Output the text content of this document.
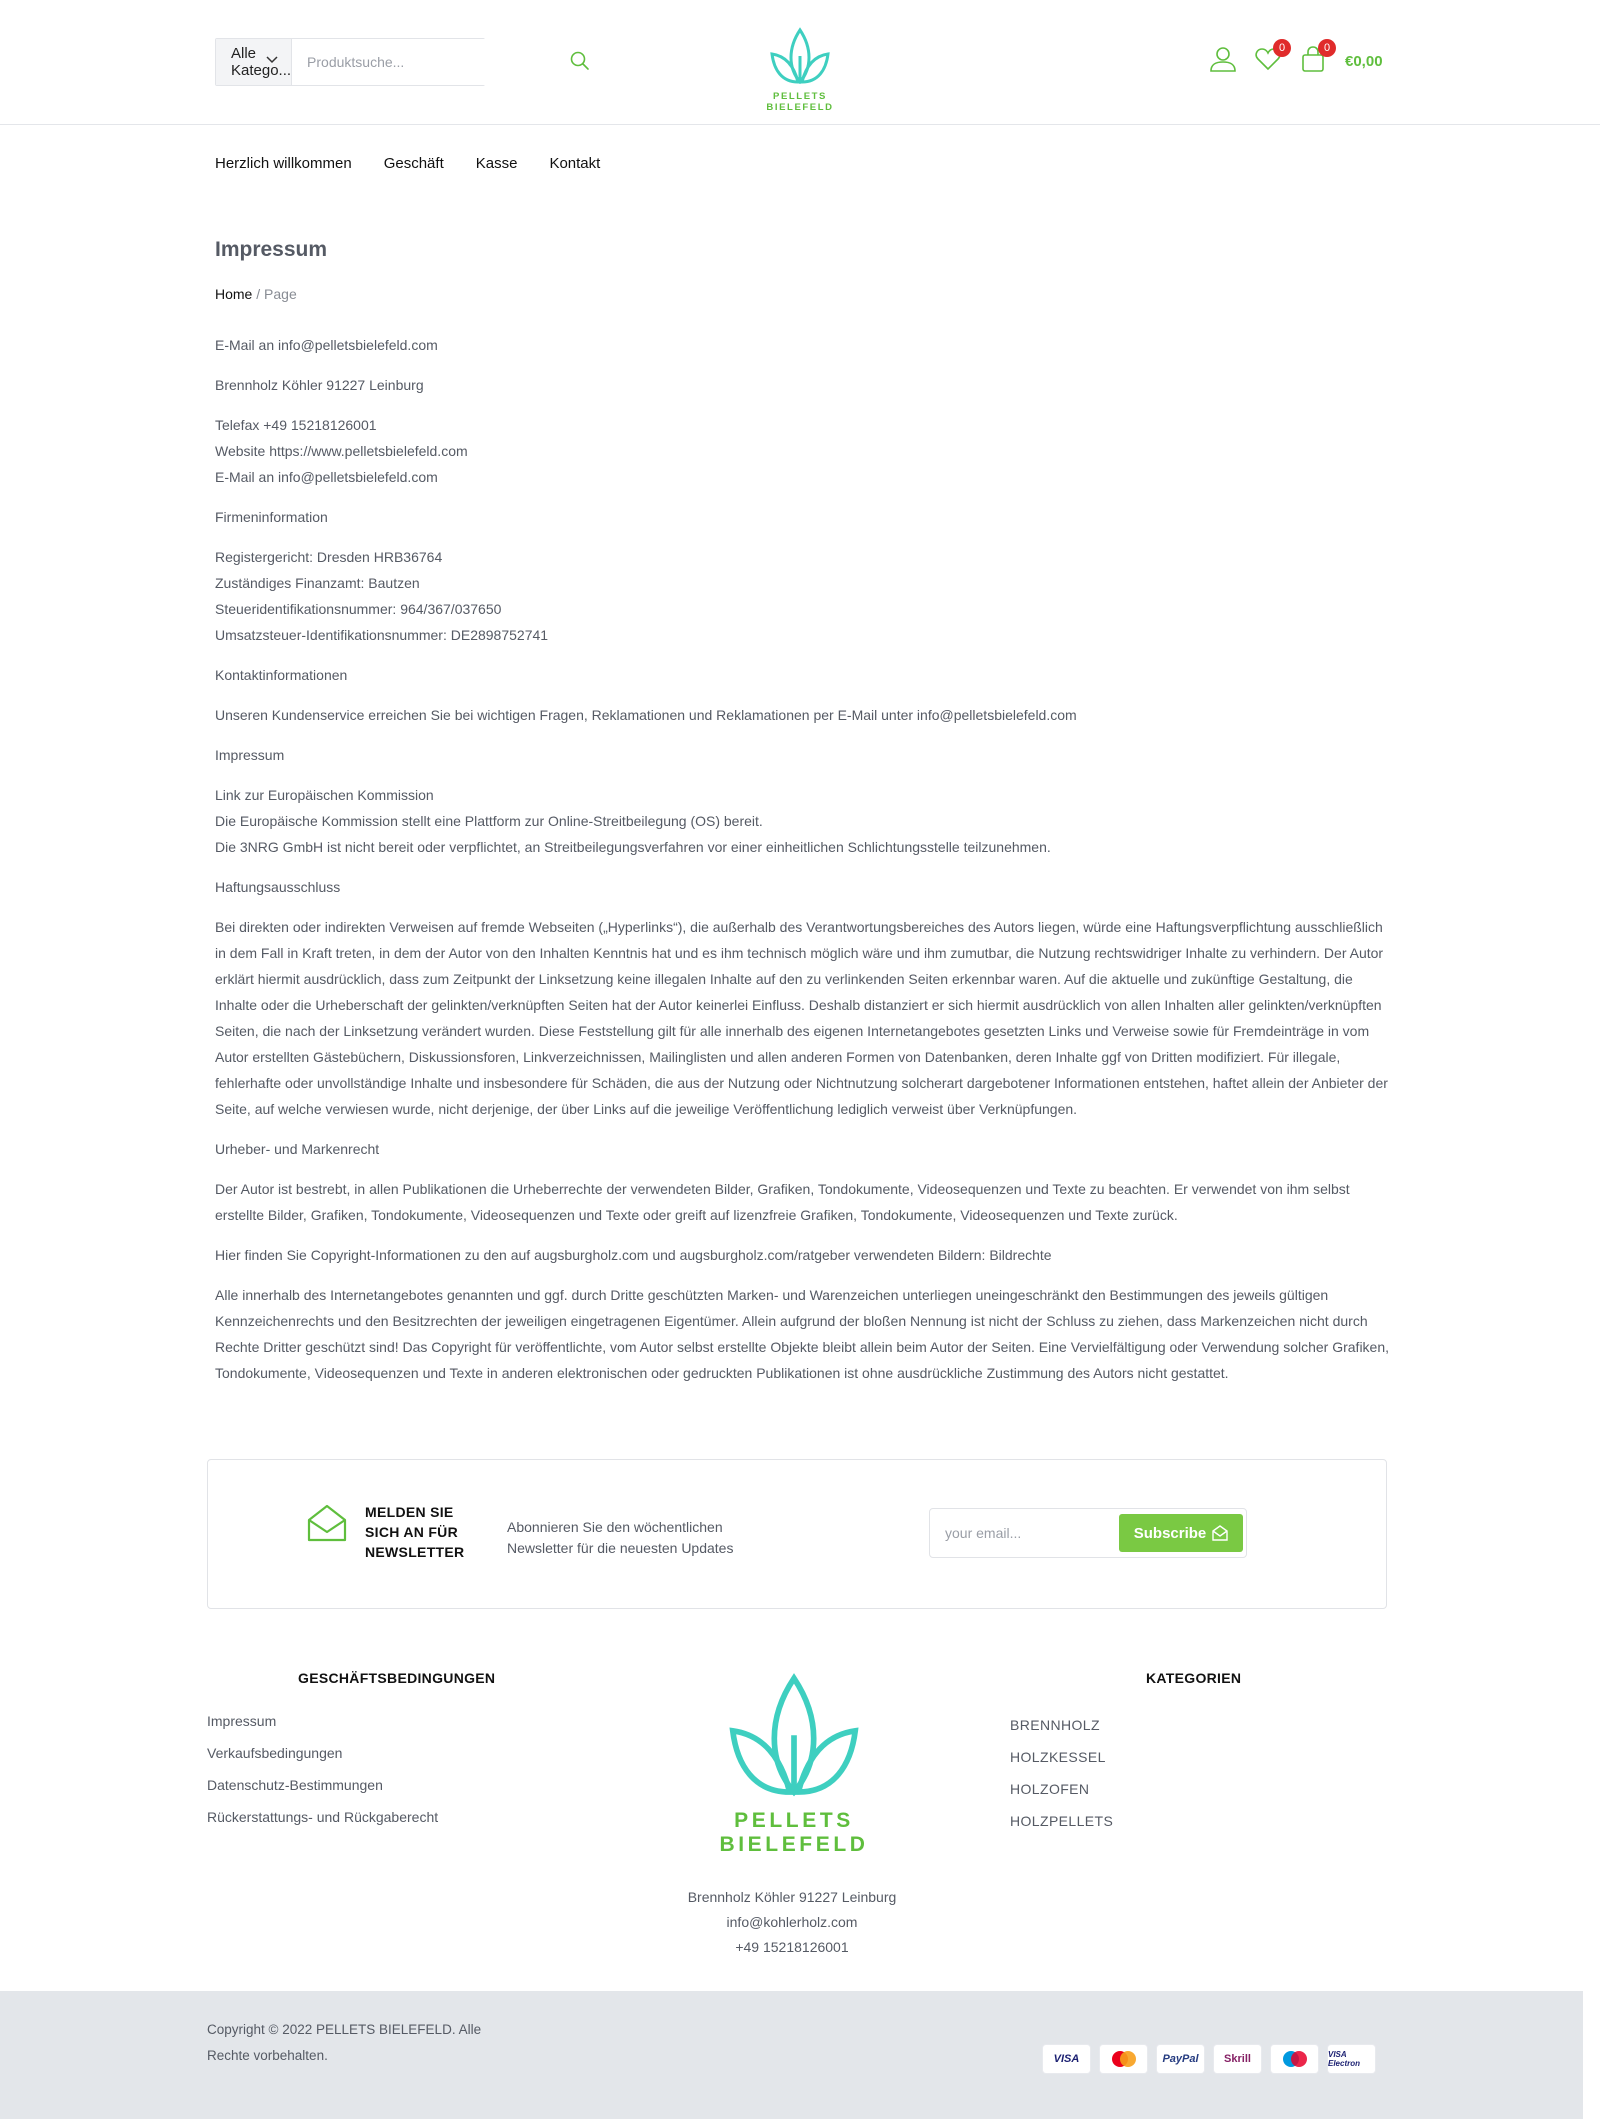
Alle Katego...
Produktsuche...
PELLETS BIELEFELD
0	0
€0,00
Herzlich willkommen Geschäft Kasse Kontakt
Impressum
Home / Page

E-Mail an info@pelletsbielefeld.com

Brennholz Köhler 91227 Leinburg

Telefax +49 15218126001
Website https://www.pelletsbielefeld.com
E-Mail an info@pelletsbielefeld.com

Firmeninformation

Registergericht: Dresden HRB36764
Zuständiges Finanzamt: Bautzen
Steueridentifikationsnummer: 964/367/037650
Umsatzsteuer-Identifikationsnummer: DE2898752741

Kontaktinformationen

Unseren Kundenservice erreichen Sie bei wichtigen Fragen, Reklamationen und Reklamationen per E-Mail unter info@pelletsbielefeld.com

Impressum

Link zur Europäischen Kommission
Die Europäische Kommission stellt eine Plattform zur Online-Streitbeilegung (OS) bereit.
Die 3NRG GmbH ist nicht bereit oder verpflichtet, an Streitbeilegungsverfahren vor einer einheitlichen Schlichtungsstelle teilzunehmen.

Haftungsausschluss

Bei direkten oder indirekten Verweisen auf fremde Webseiten („Hyperlinks“), die außerhalb des Verantwortungsbereiches des Autors liegen, würde eine Haftungsverpflichtung ausschließlich in dem Fall in Kraft treten, in dem der Autor von den Inhalten Kenntnis hat und es ihm technisch möglich wäre und ihm zumutbar, die Nutzung rechtswidriger Inhalte zu verhindern. Der Autor erklärt hiermit ausdrücklich, dass zum Zeitpunkt der Linksetzung keine illegalen Inhalte auf den zu verlinkenden Seiten erkennbar waren. Auf die aktuelle und zukünftige Gestaltung, die Inhalte oder die Urheberschaft der gelinkten/verknüpften Seiten hat der Autor keinerlei Einfluss. Deshalb distanziert er sich hiermit ausdrücklich von allen Inhalten aller gelinkten/verknüpften Seiten, die nach der Linksetzung verändert wurden. Diese Feststellung gilt für alle innerhalb des eigenen Internetangebotes gesetzten Links und Verweise sowie für Fremdeinträge in vom Autor erstellten Gästebüchern, Diskussionsforen, Linkverzeichnissen, Mailinglisten und allen anderen Formen von Datenbanken, deren Inhalte ggf von Dritten modifiziert. Für illegale, fehlerhafte oder unvollständige Inhalte und insbesondere für Schäden, die aus der Nutzung oder Nichtnutzung solcherart dargebotener Informationen entstehen, haftet allein der Anbieter der Seite, auf welche verwiesen wurde, nicht derjenige, der über Links auf die jeweilige Veröffentlichung lediglich verweist über Verknüpfungen.

Urheber- und Markenrecht

Der Autor ist bestrebt, in allen Publikationen die Urheberrechte der verwendeten Bilder, Grafiken, Tondokumente, Videosequenzen und Texte zu beachten. Er verwendet von ihm selbst erstellte Bilder, Grafiken, Tondokumente, Videosequenzen und Texte oder greift auf lizenzfreie Grafiken, Tondokumente, Videosequenzen und Texte zurück.

Hier finden Sie Copyright-Informationen zu den auf augsburgholz.com und augsburgholz.com/ratgeber verwendeten Bildern: Bildrechte

Alle innerhalb des Internetangebotes genannten und ggf. durch Dritte geschützten Marken- und Warenzeichen unterliegen uneingeschränkt den Bestimmungen des jeweils gültigen Kennzeichenrechts und den Besitzrechten der jeweiligen eingetragenen Eigentümer. Allein aufgrund der bloßen Nennung ist nicht der Schluss zu ziehen, dass Markenzeichen nicht durch Rechte Dritter geschützt sind! Das Copyright für veröffentlichte, vom Autor selbst erstellte Objekte bleibt allein beim Autor der Seiten. Eine Vervielfältigung oder Verwendung solcher Grafiken, Tondokumente, Videosequenzen und Texte in anderen elektronischen oder gedruckten Publikationen ist ohne ausdrückliche Zustimmung des Autors nicht gestattet.

MELDEN SIE SICH AN FÜR NEWSLETTER
Abonnieren Sie den wöchentlichen Newsletter für die neuesten Updates
your email...
Subscribe
GESCHÄFTSBEDINGUNGEN
Impressum
Verkaufsbedingungen
Datenschutz-Bestimmungen
Rückerstattungs- und Rückgaberecht	PELLETS BIELEFELD
KATEGORIEN
BRENNHOLZ
HOLZKESSEL
HOLZOFEN
HOLZPELLETS
Brennholz Köhler 91227 Leinburg
info@kohlerholz.com
+49 15218126001
Copyright © 2022 PELLETS BIELEFELD. Alle Rechte vorbehalten.	VISA	PayPal Skrill	VISA Electron
